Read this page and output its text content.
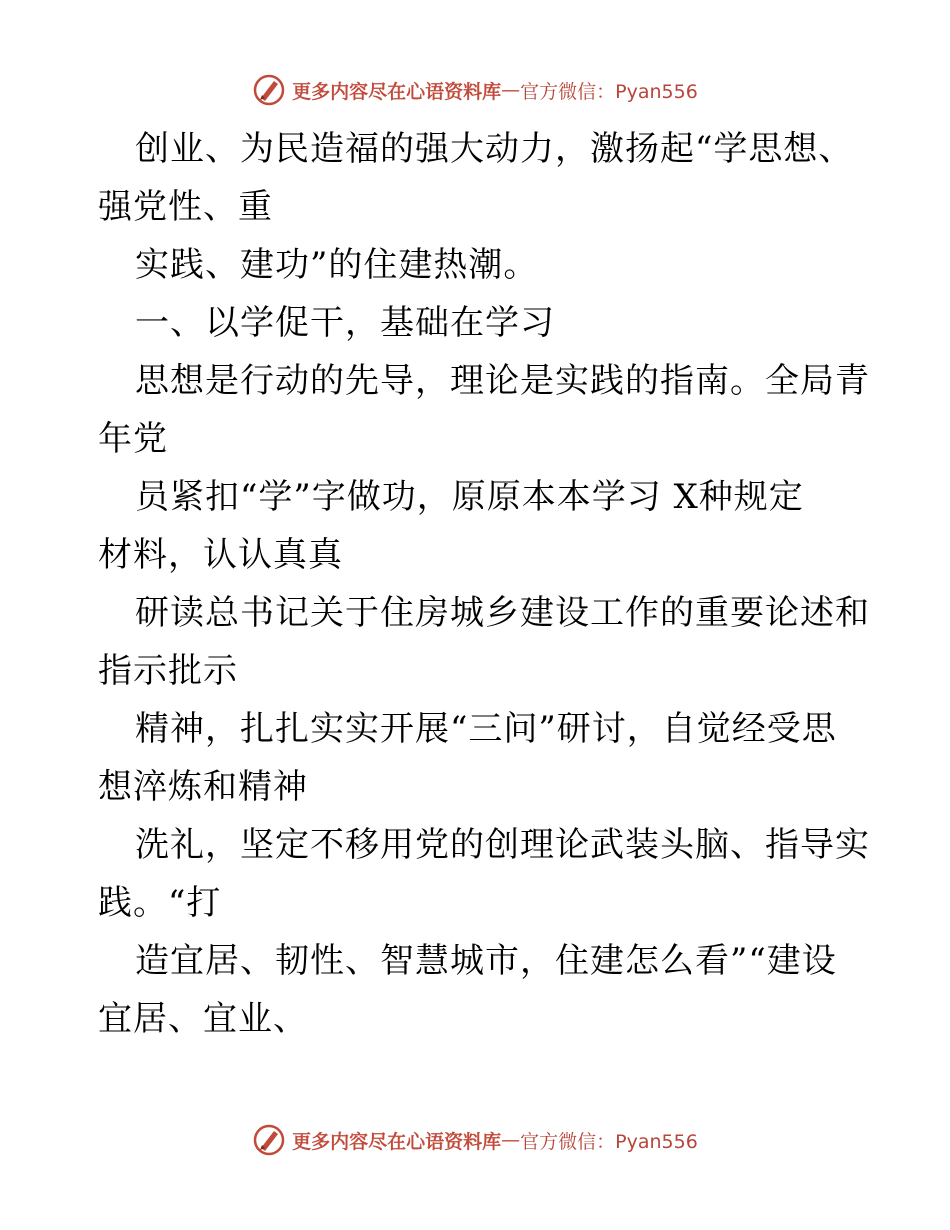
更多内容尽在心语资料库 — 官方微信：Pyan556
创业、为民造福的强大动力，激扬起“学思想、
强党性、重
实践、建功”的住建热潮。
一、以学促干，基础在学习
思想是行动的先导，理论是实践的指南。全局青
年党
员紧扣“学”字做功，原原本本学习 X种规定
材料，认认真真
研读总书记关于住房城乡建设工作的重要论述和
指示批示
精神，扎扎实实开展“三问”研讨，自觉经受思
想淬炼和精神
洗礼，坚定不移用党的创理论武装头脑、指导实
践。“打
造宜居、韧性、智慧城市，住建怎么看”“建设
宜居、宜业、
更多内容尽在心语资料库 — 官方微信：Pyan556
